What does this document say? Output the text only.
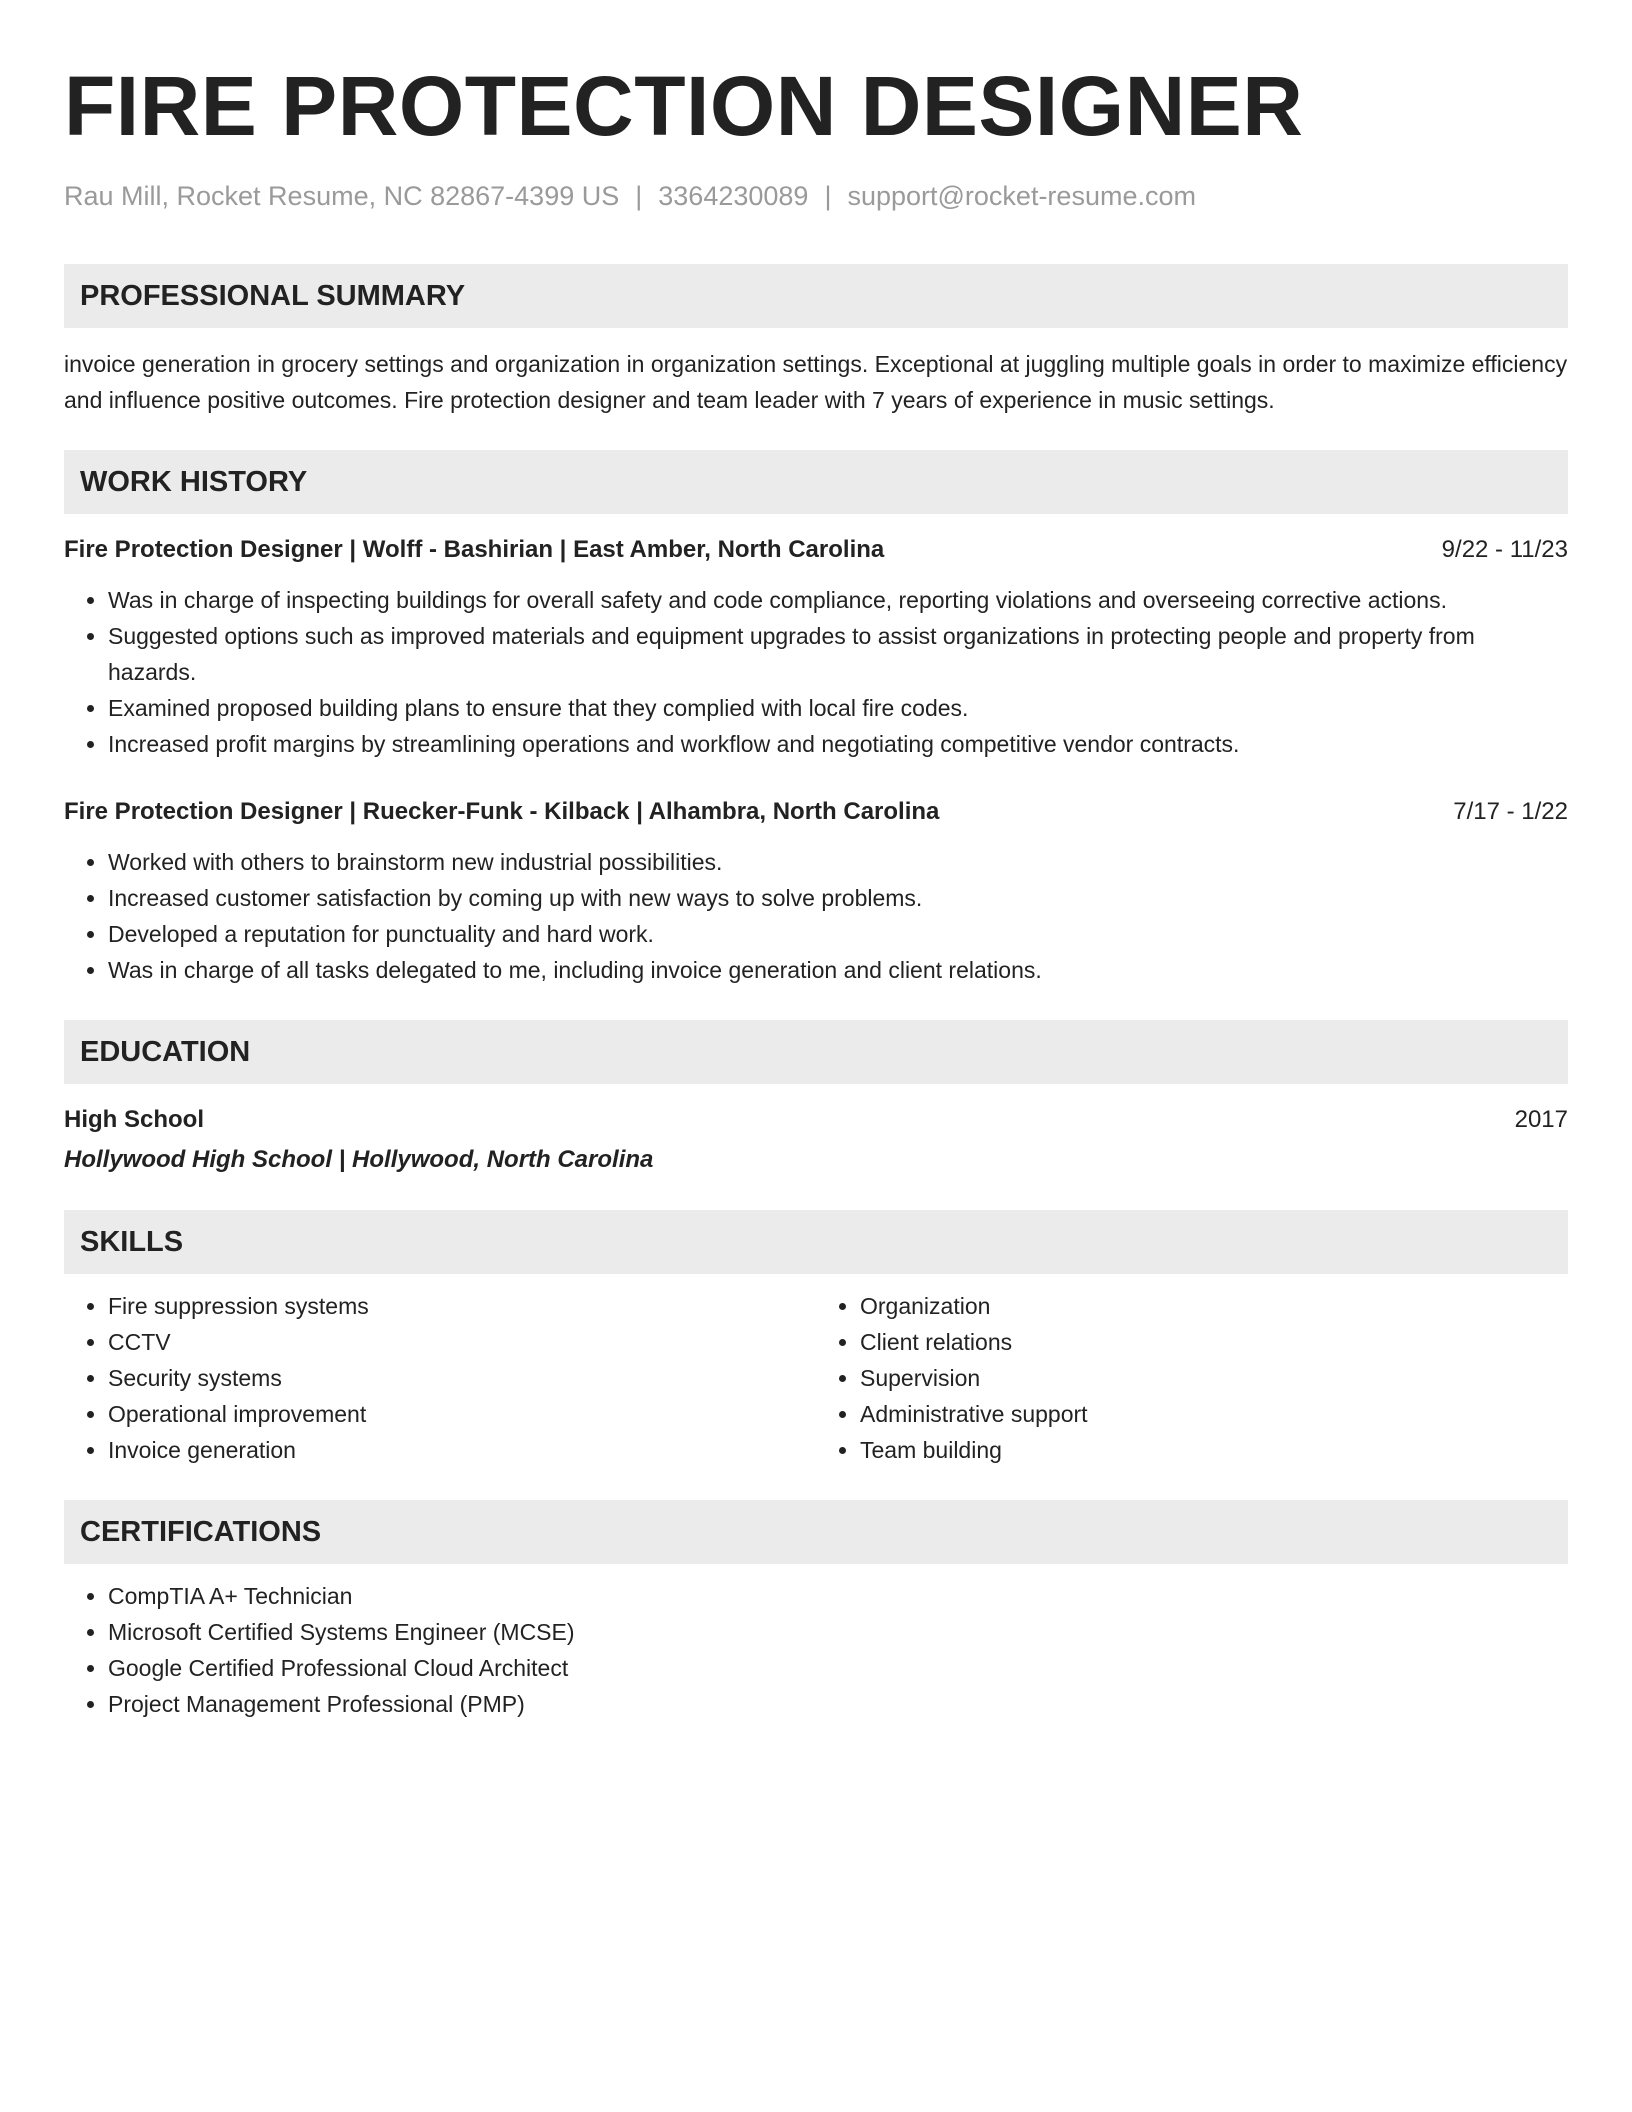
FIRE PROTECTION DESIGNER
Rau Mill, Rocket Resume, NC 82867-4399 US | 3364230089 | support@rocket-resume.com
PROFESSIONAL SUMMARY
invoice generation in grocery settings and organization in organization settings. Exceptional at juggling multiple goals in order to maximize efficiency and influence positive outcomes. Fire protection designer and team leader with 7 years of experience in music settings.
WORK HISTORY
Fire Protection Designer | Wolff - Bashirian | East Amber, North Carolina	9/22 - 11/23
• Was in charge of inspecting buildings for overall safety and code compliance, reporting violations and overseeing corrective actions.
• Suggested options such as improved materials and equipment upgrades to assist organizations in protecting people and property from hazards.
• Examined proposed building plans to ensure that they complied with local fire codes.
• Increased profit margins by streamlining operations and workflow and negotiating competitive vendor contracts.
Fire Protection Designer | Ruecker-Funk - Kilback | Alhambra, North Carolina	7/17 - 1/22
• Worked with others to brainstorm new industrial possibilities.
• Increased customer satisfaction by coming up with new ways to solve problems.
• Developed a reputation for punctuality and hard work.
• Was in charge of all tasks delegated to me, including invoice generation and client relations.
EDUCATION
High School	2017
Hollywood High School | Hollywood, North Carolina
SKILLS
• Fire suppression systems
• CCTV
• Security systems
• Operational improvement
• Invoice generation
• Organization
• Client relations
• Supervision
• Administrative support
• Team building
CERTIFICATIONS
• CompTIA A+ Technician
• Microsoft Certified Systems Engineer (MCSE)
• Google Certified Professional Cloud Architect
• Project Management Professional (PMP)
